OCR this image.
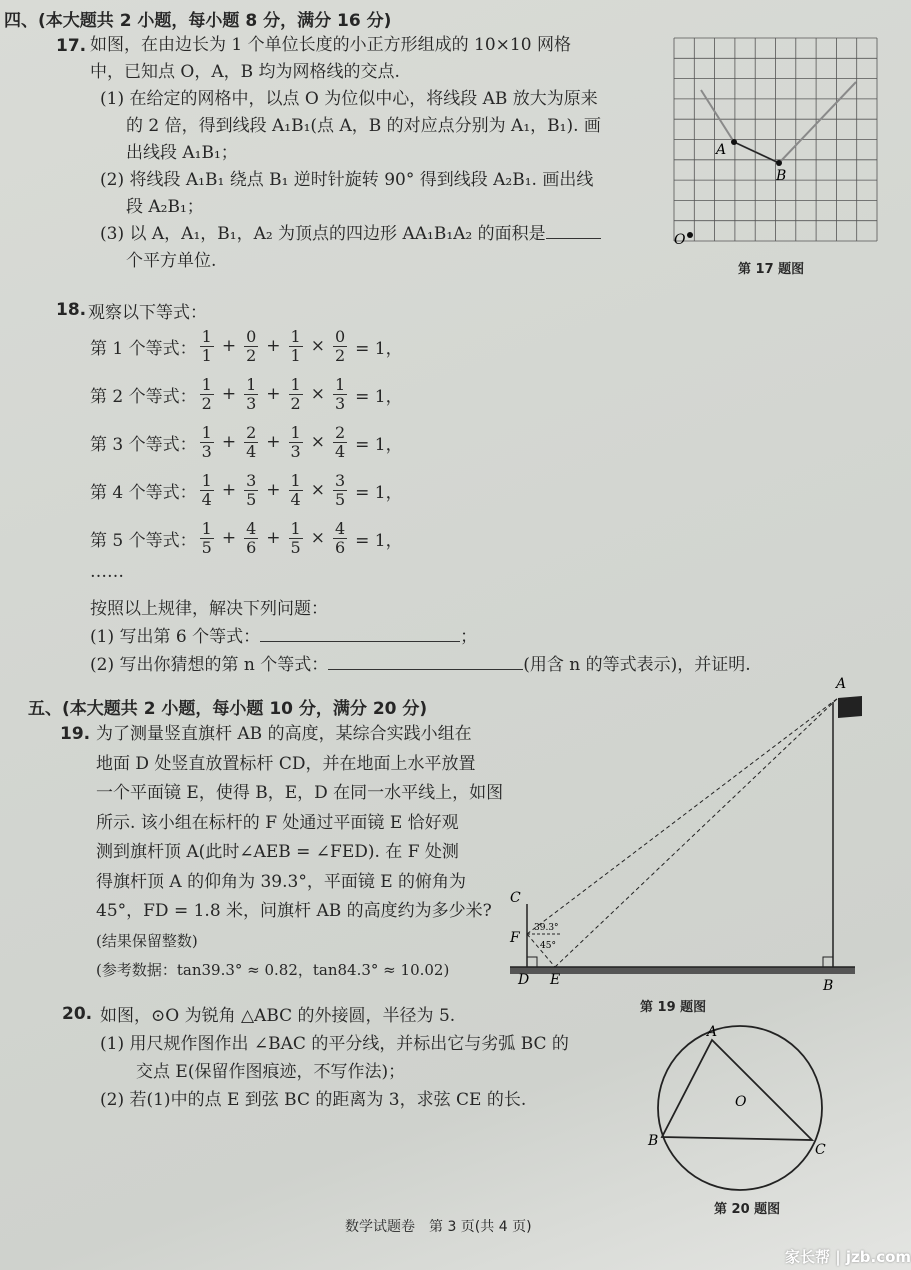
四、(本大题共 2 小题，每小题 8 分，满分 16 分)
17. 如图，在由边长为 1 个单位长度的小正方形组成的 10×10 网格
中，已知点 O，A，B 均为网格线的交点.
(1) 在给定的网格中，以点 O 为位似中心，将线段 AB 放大为原来
的 2 倍，得到线段 A₁B₁(点 A，B 的对应点分别为 A₁，B₁). 画
出线段 A₁B₁；
(2) 将线段 A₁B₁ 绕点 B₁ 逆时针旋转 90° 得到线段 A₂B₁. 画出线
段 A₂B₁；
(3) 以 A，A₁，B₁，A₂ 为顶点的四边形 AA₁B₁A₂ 的面积是
个平方单位.
A
B
O
第 17 题图
18. 观察以下等式：
第 1 个等式： $\frac{1}{1} + \frac{0}{2} + \frac{1}{1} \times \frac{0}{2} = 1$，
第 2 个等式： $\frac{1}{2} + \frac{1}{3} + \frac{1}{2} \times \frac{1}{3} = 1$，
第 3 个等式： $\frac{1}{3} + \frac{2}{4} + \frac{1}{3} \times \frac{2}{4} = 1$，
第 4 个等式： $\frac{1}{4} + \frac{3}{5} + \frac{1}{4} \times \frac{3}{5} = 1$，
第 5 个等式： $\frac{1}{5} + \frac{4}{6} + \frac{1}{5} \times \frac{4}{6} = 1$，
……
按照以上规律，解决下列问题：
(1) 写出第 6 个等式：	；
(2) 写出你猜想的第 n 个等式：	(用含 n 的等式表示)，并证明.
五、(本大题共 2 小题，每小题 10 分，满分 20 分)
19. 为了测量竖直旗杆 AB 的高度，某综合实践小组在
地面 D 处竖直放置标杆 CD，并在地面上水平放置
一个平面镜 E，使得 B，E，D 在同一水平线上，如图
所示. 该小组在标杆的 F 处通过平面镜 E 恰好观
测到旗杆顶 A(此时∠AEB = ∠FED). 在 F 处测
得旗杆顶 A 的仰角为 39.3°，平面镜 E 的俯角为
45°，FD = 1.8 米，问旗杆 AB 的高度约为多少米?
(结果保留整数)
(参考数据：tan39.3° ≈ 0.82，tan84.3° ≈ 10.02)
A
B
C
F
D E
39.3°
45°
第 19 题图
20. 如图，⊙O 为锐角 △ABC 的外接圆，半径为 5.
(1) 用尺规作图作出 ∠BAC 的平分线，并标出它与劣弧 BC 的
交点 E(保留作图痕迹，不写作法)；
(2) 若(1)中的点 E 到弦 BC 的距离为 3，求弦 CE 的长.
A
B
C
O
第 20 题图
数学试题卷　第 3 页(共 4 页)
家长帮 | jzb.com
